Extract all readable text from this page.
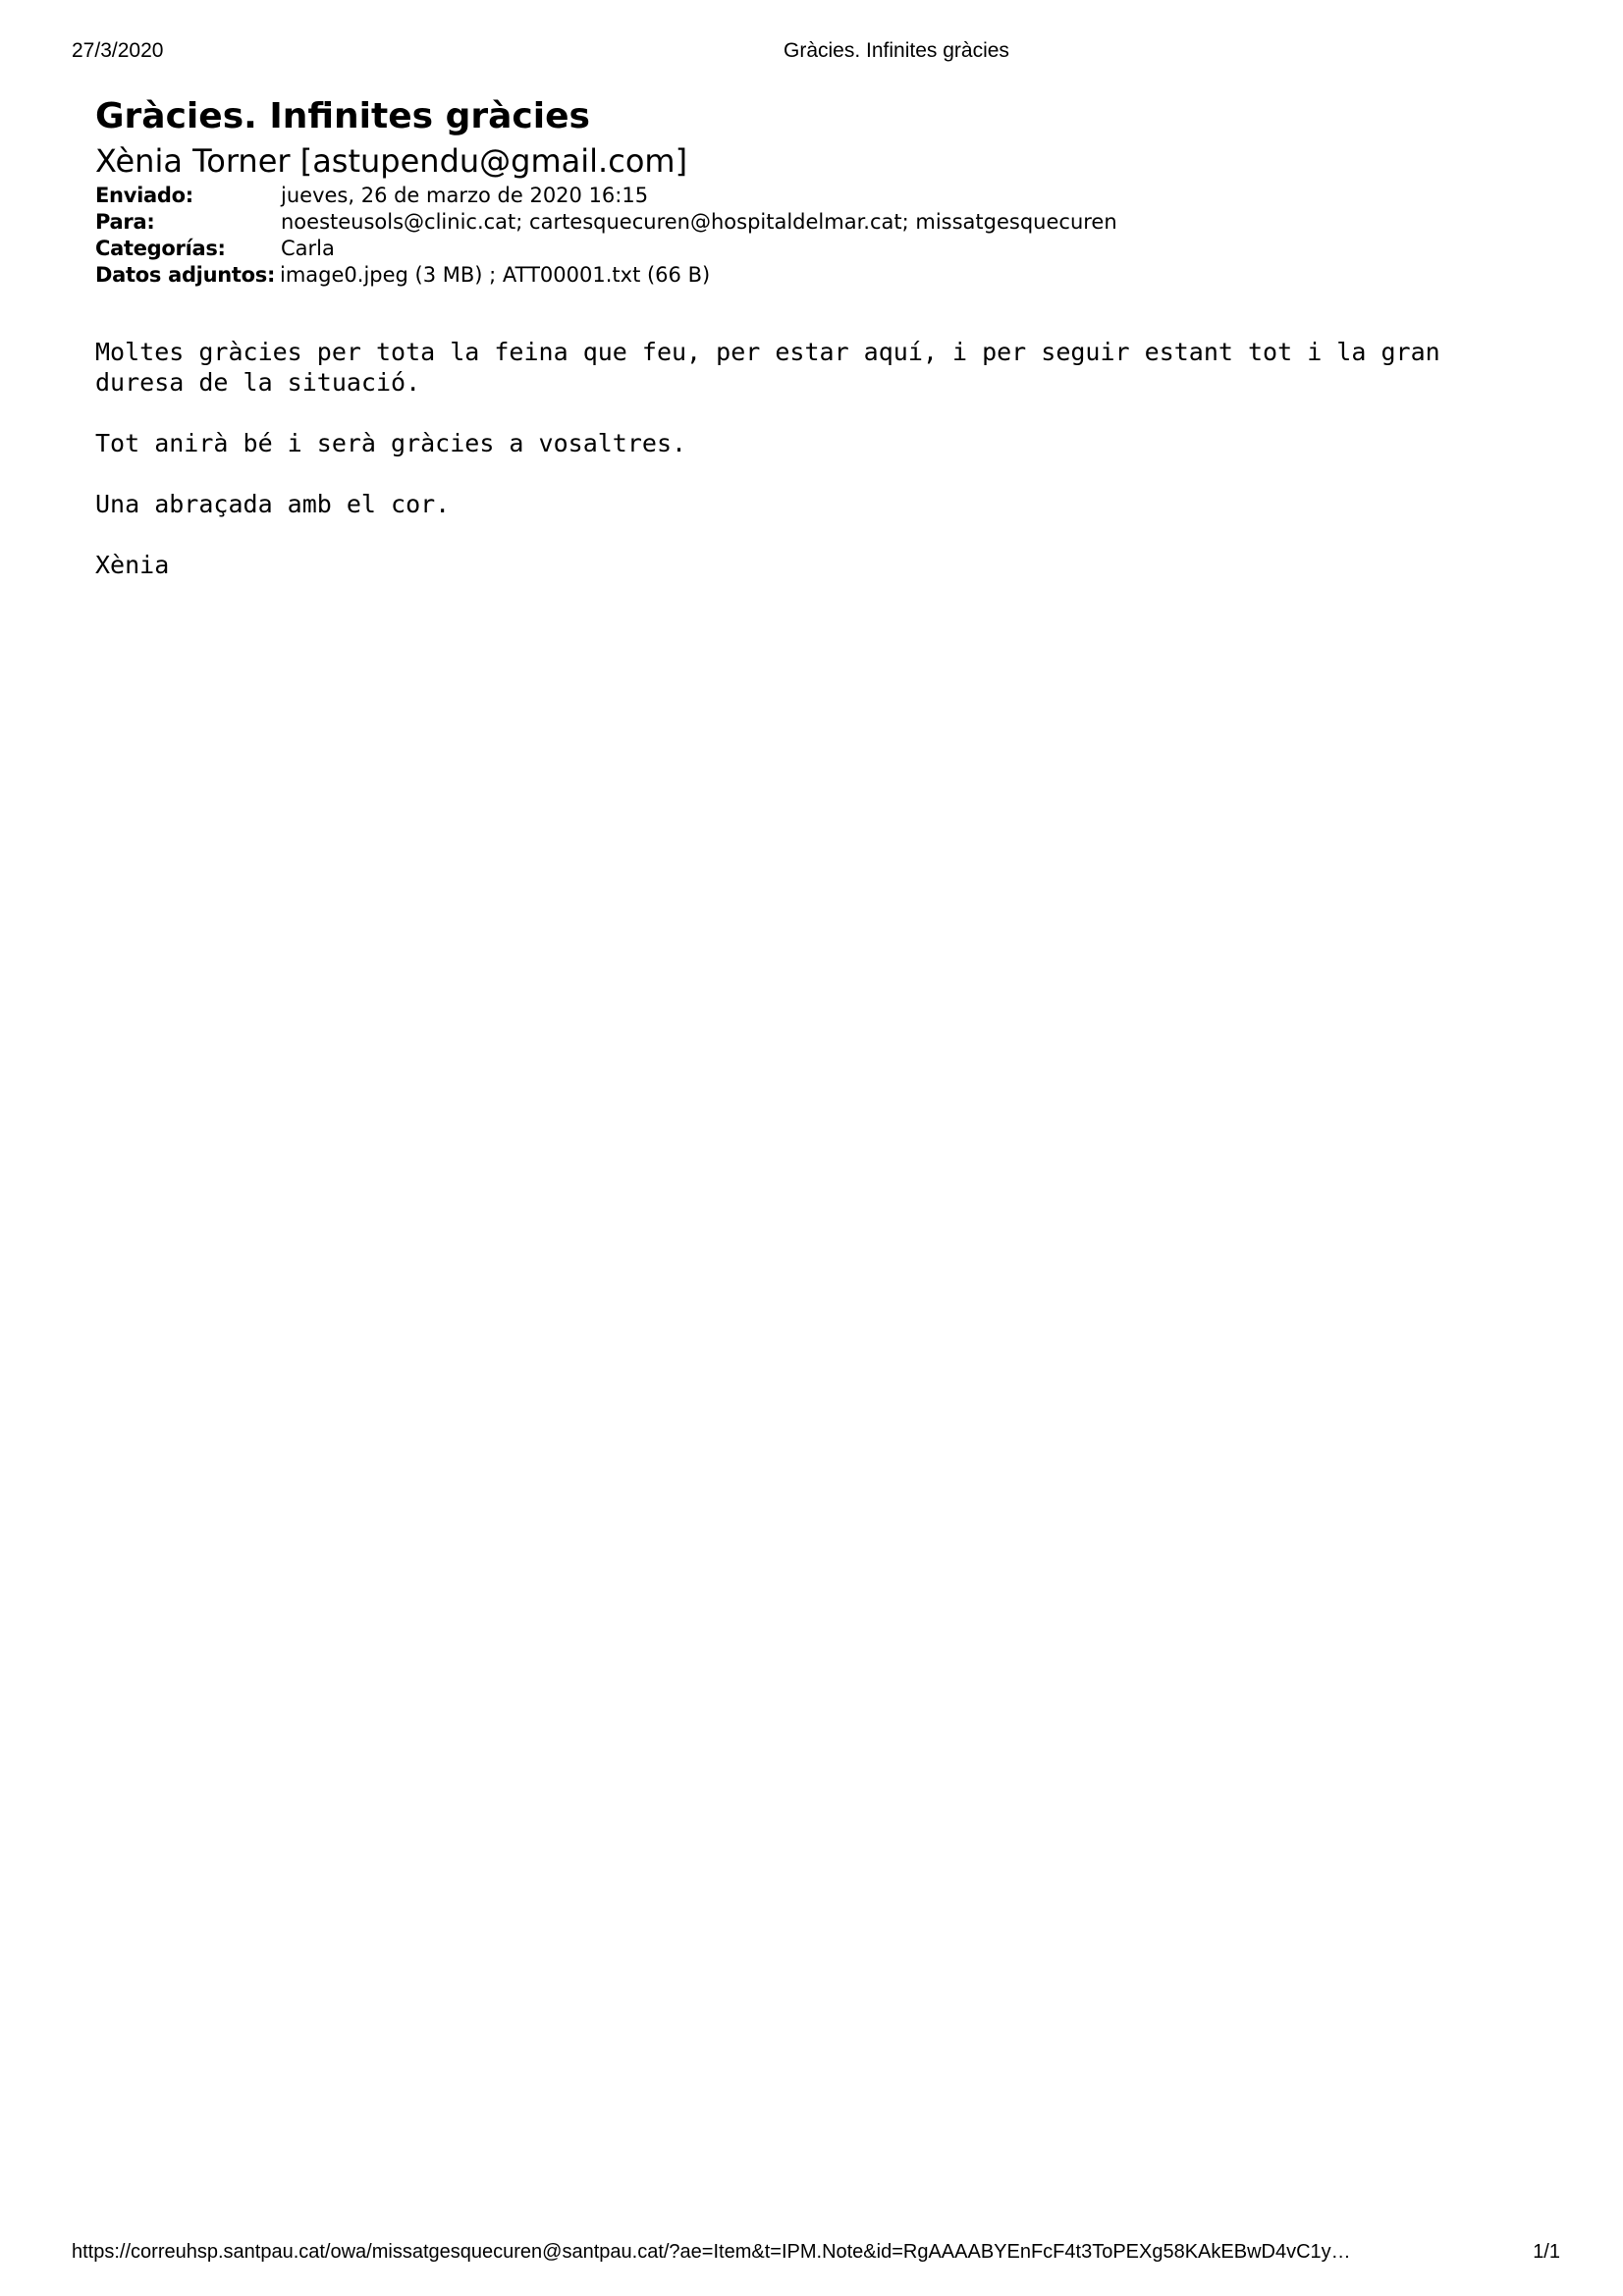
27/3/2020	Gràcies. Infinites gràcies
Gràcies. Infinites gràcies
Xènia Torner [astupendu@gmail.com]
Enviado:	jueves, 26 de marzo de 2020 16:15
Para:	noesteusols@clinic.cat; cartesquecuren@hospitaldelmar.cat; missatgesquecuren
Categorías:	Carla
Datos adjuntos: image0.jpeg (3 MB) ; ATT00001.txt (66 B)

Moltes gràcies per tota la feina que feu, per estar aquí, i per seguir estant tot i la gran
duresa de la situació.

Tot anirà bé i serà gràcies a vosaltres.

Una abraçada amb el cor.

Xènia

https://correuhsp.santpau.cat/owa/missatgesquecuren@santpau.cat/?ae=Item&t=IPM.Note&id=RgAAAABYEnFcF4t3ToPEXg58KAkEBwD4vC1y…	1/1
